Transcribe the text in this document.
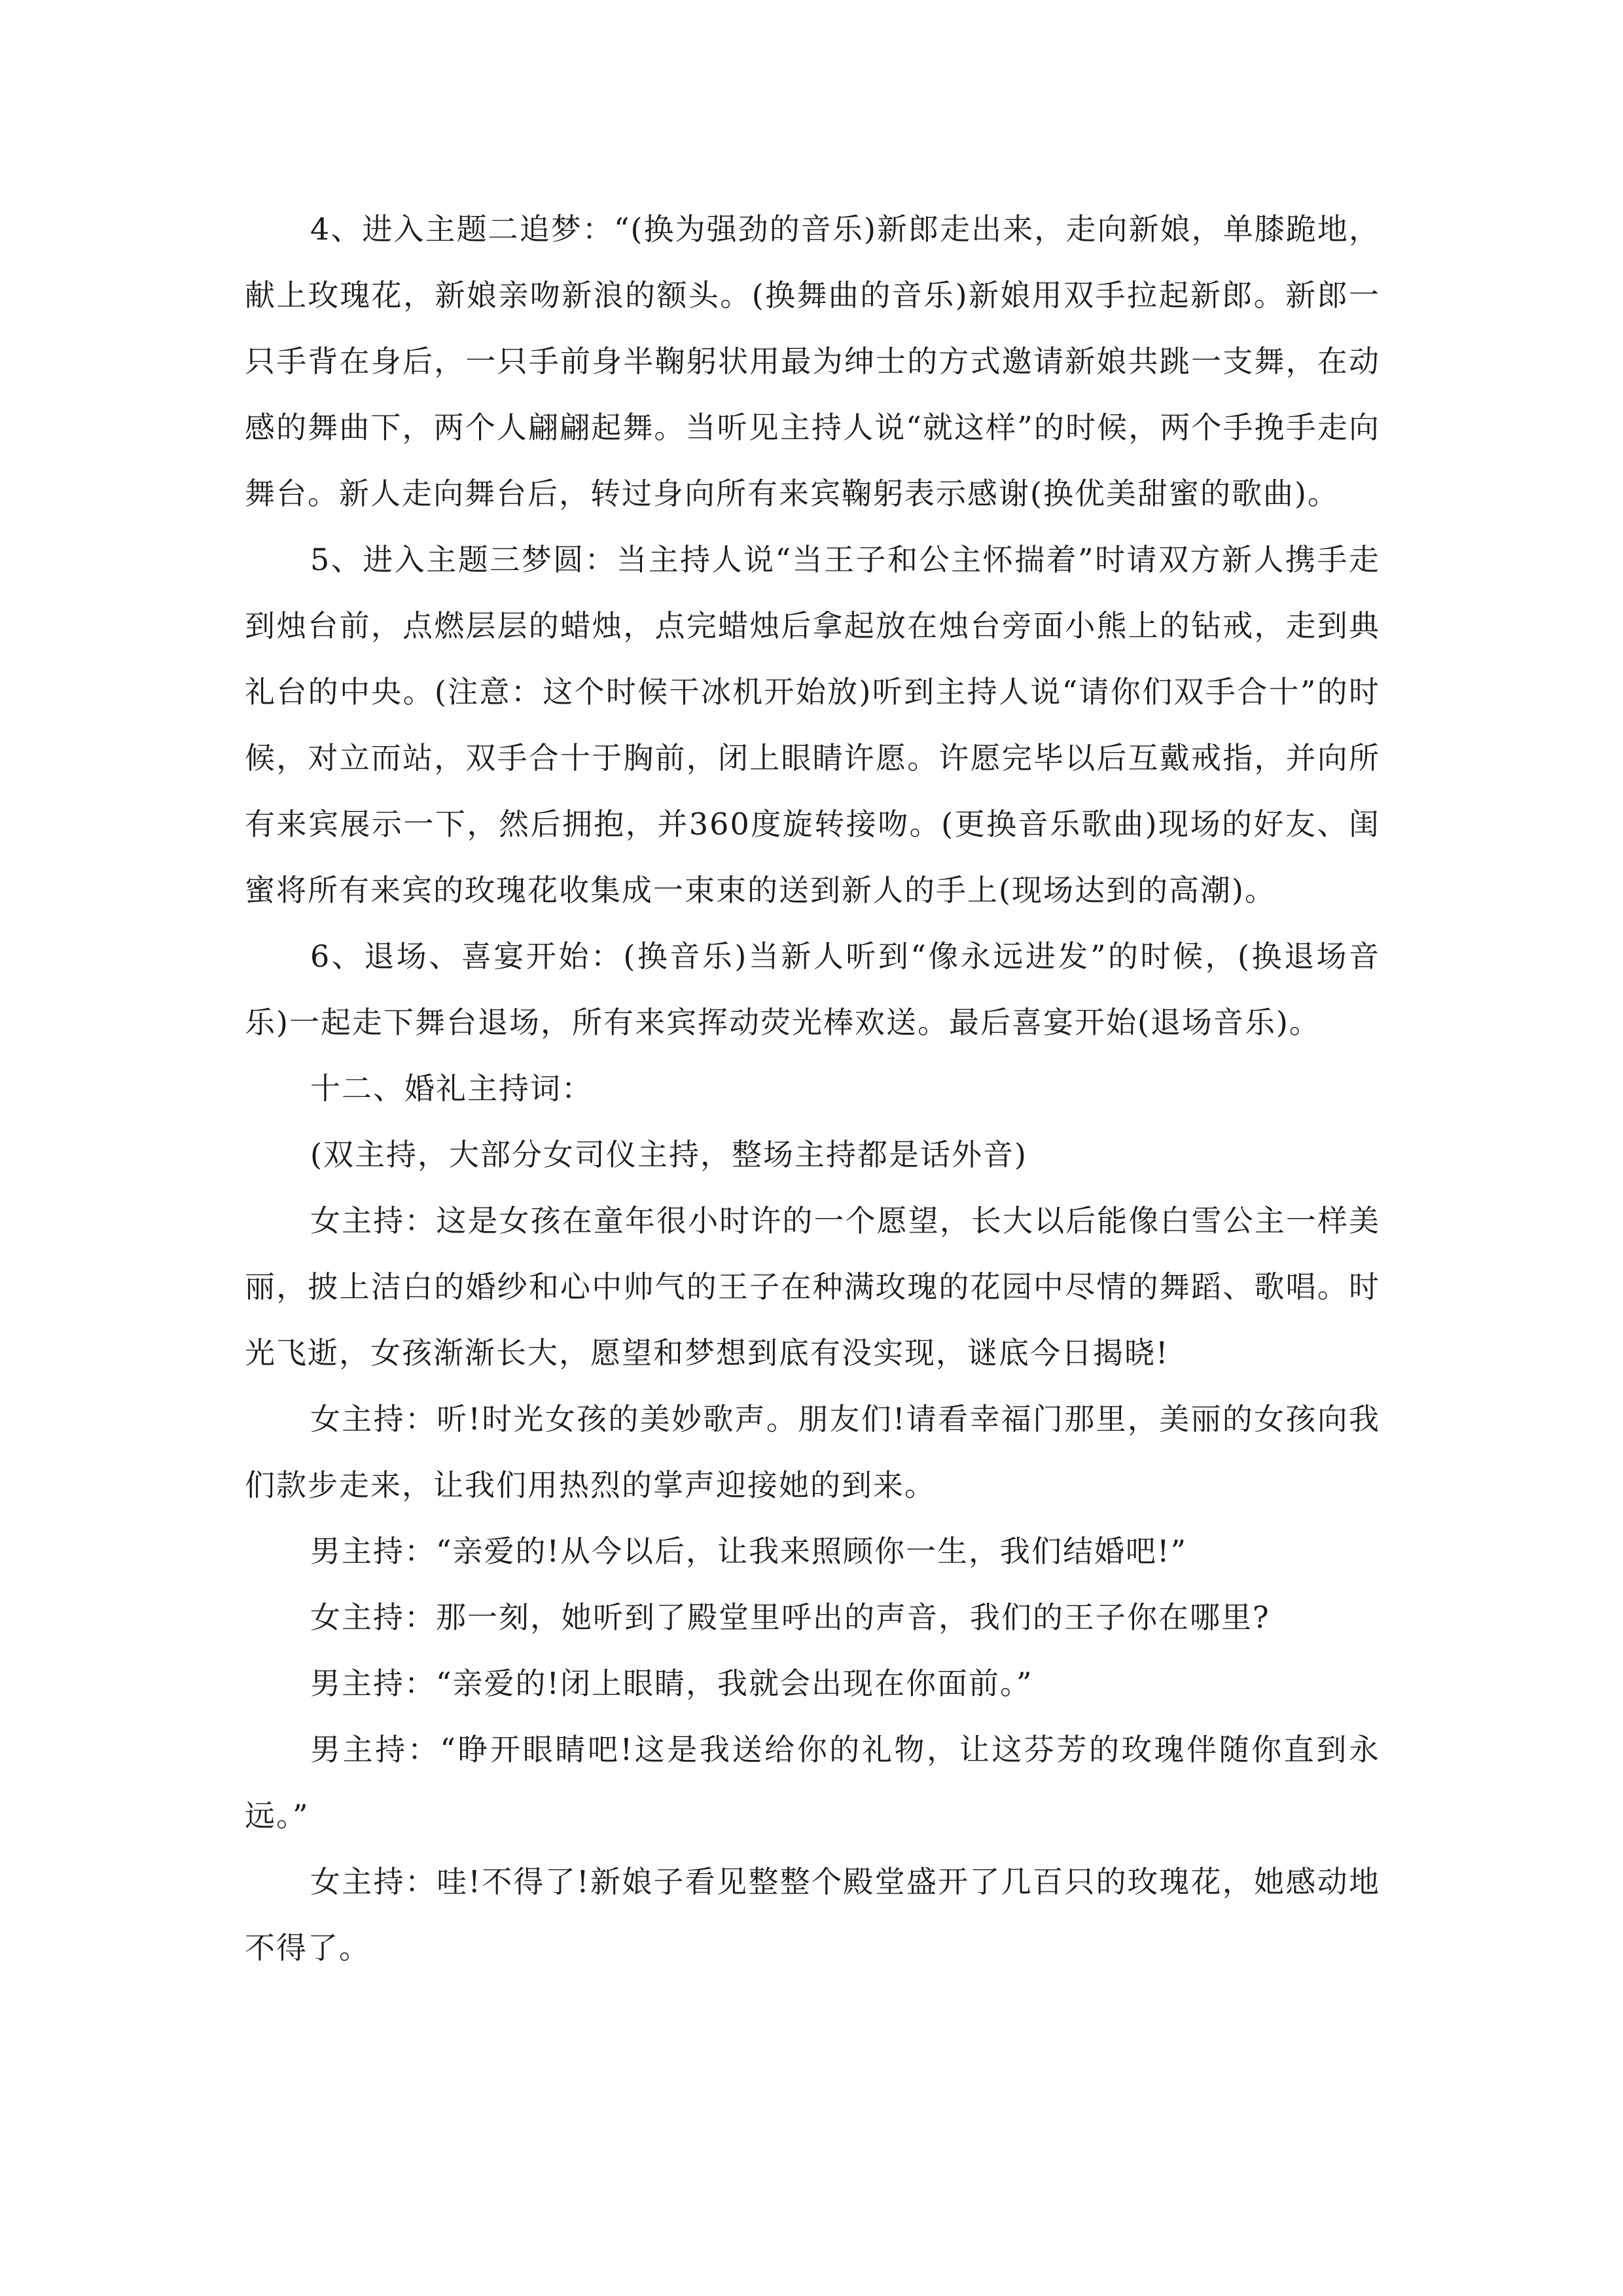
4、进入主题二追梦：“(换为强劲的音乐)新郎走出来，走向新娘，单膝跪地，献上玫瑰花，新娘亲吻新浪的额头。(换舞曲的音乐)新娘用双手拉起新郎。新郎一只手背在身后，一只手前身半鞠躬状用最为绅士的方式邀请新娘共跳一支舞，在动感的舞曲下，两个人翩翩起舞。当听见主持人说“就这样”的时候，两个手挽手走向舞台。新人走向舞台后，转过身向所有来宾鞠躬表示感谢(换优美甜蜜的歌曲)。

5、进入主题三梦圆：当主持人说“当王子和公主怀揣着”时请双方新人携手走到烛台前，点燃层层的蜡烛，点完蜡烛后拿起放在烛台旁面小熊上的钻戒，走到典礼台的中央。(注意：这个时候干冰机开始放)听到主持人说“请你们双手合十”的时候，对立而站，双手合十于胸前，闭上眼睛许愿。许愿完毕以后互戴戒指，并向所有来宾展示一下，然后拥抱，并360度旋转接吻。(更换音乐歌曲)现场的好友、闺蜜将所有来宾的玫瑰花收集成一束束的送到新人的手上(现场达到的高潮)。

6、退场、喜宴开始：(换音乐)当新人听到“像永远进发”的时候，(换退场音乐)一起走下舞台退场，所有来宾挥动荧光棒欢送。最后喜宴开始(退场音乐)。

十二、婚礼主持词：

(双主持，大部分女司仪主持，整场主持都是话外音)

女主持：这是女孩在童年很小时许的一个愿望，长大以后能像白雪公主一样美丽，披上洁白的婚纱和心中帅气的王子在种满玫瑰的花园中尽情的舞蹈、歌唱。时光飞逝，女孩渐渐长大，愿望和梦想到底有没实现，谜底今日揭晓!

女主持：听!时光女孩的美妙歌声。朋友们!请看幸福门那里，美丽的女孩向我们款步走来，让我们用热烈的掌声迎接她的到来。

男主持：“亲爱的!从今以后，让我来照顾你一生，我们结婚吧!”

女主持：那一刻，她听到了殿堂里呼出的声音，我们的王子你在哪里?

男主持：“亲爱的!闭上眼睛，我就会出现在你面前。”

男主持：“睁开眼睛吧!这是我送给你的礼物，让这芬芳的玫瑰伴随你直到永远。”

女主持：哇!不得了!新娘子看见整整个殿堂盛开了几百只的玫瑰花，她感动地不得了。
